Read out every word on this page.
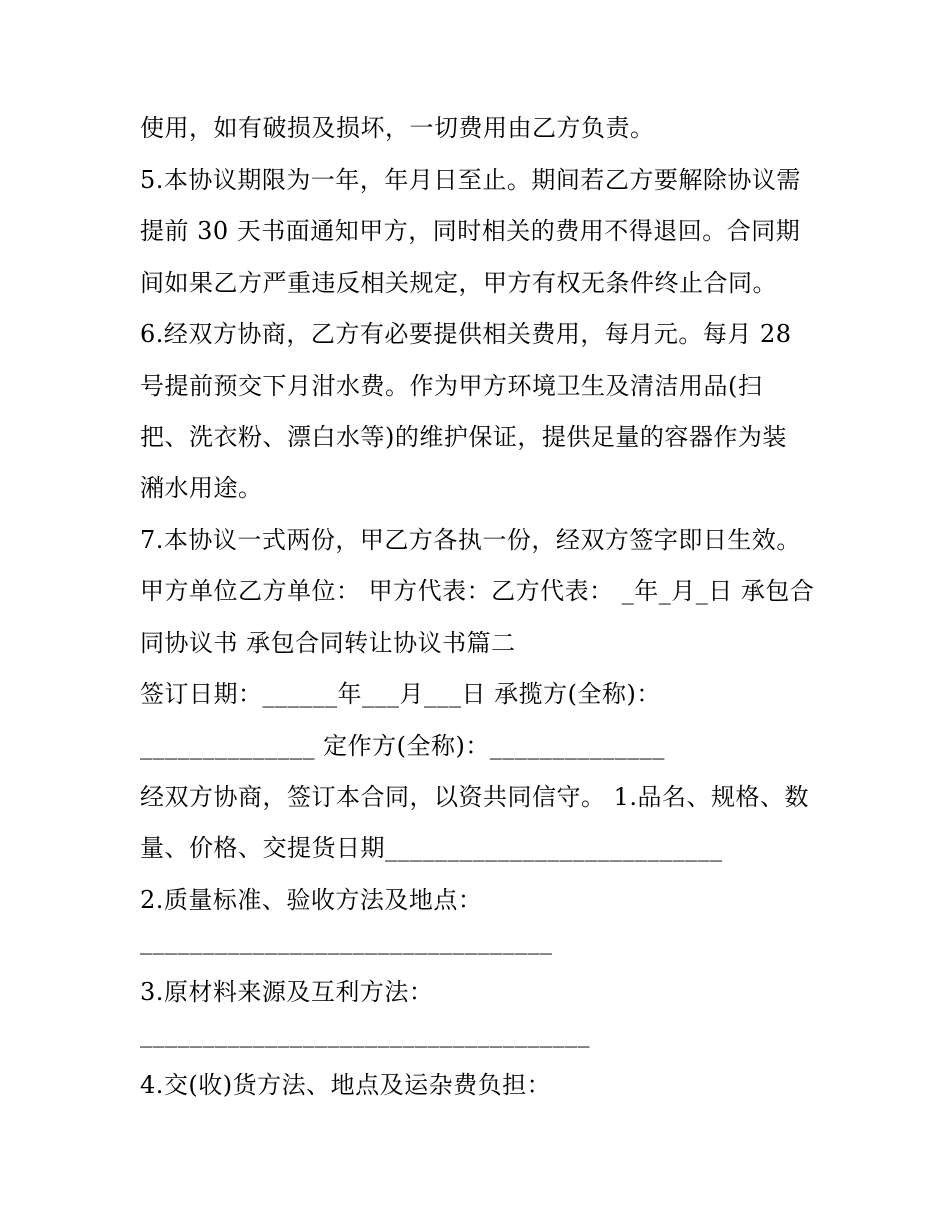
使用，如有破损及损坏，一切费用由乙方负责。
5.本协议期限为一年，年月日至止。期间若乙方要解除协议需
提前 30 天书面通知甲方，同时相关的费用不得退回。合同期
间如果乙方严重违反相关规定，甲方有权无条件终止合同。
6.经双方协商，乙方有必要提供相关费用，每月元。每月 28
号提前预交下月泔水费。作为甲方环境卫生及清洁用品(扫
把、洗衣粉、漂白水等)的维护保证，提供足量的容器作为装
潲水用途。
7.本协议一式两份，甲乙方各执一份，经双方签字即日生效。
甲方单位乙方单位： 甲方代表：乙方代表： _年_月_日 承包合
同协议书 承包合同转让协议书篇二
签订日期：______年___月___日 承揽方(全称)：
______________ 定作方(全称)：______________
经双方协商，签订本合同，以资共同信守。 1.品名、规格、数
量、价格、交提货日期___________________________
2.质量标准、验收方法及地点：
_________________________________
3.原材料来源及互利方法：
____________________________________
4.交(收)货方法、地点及运杂费负担：
